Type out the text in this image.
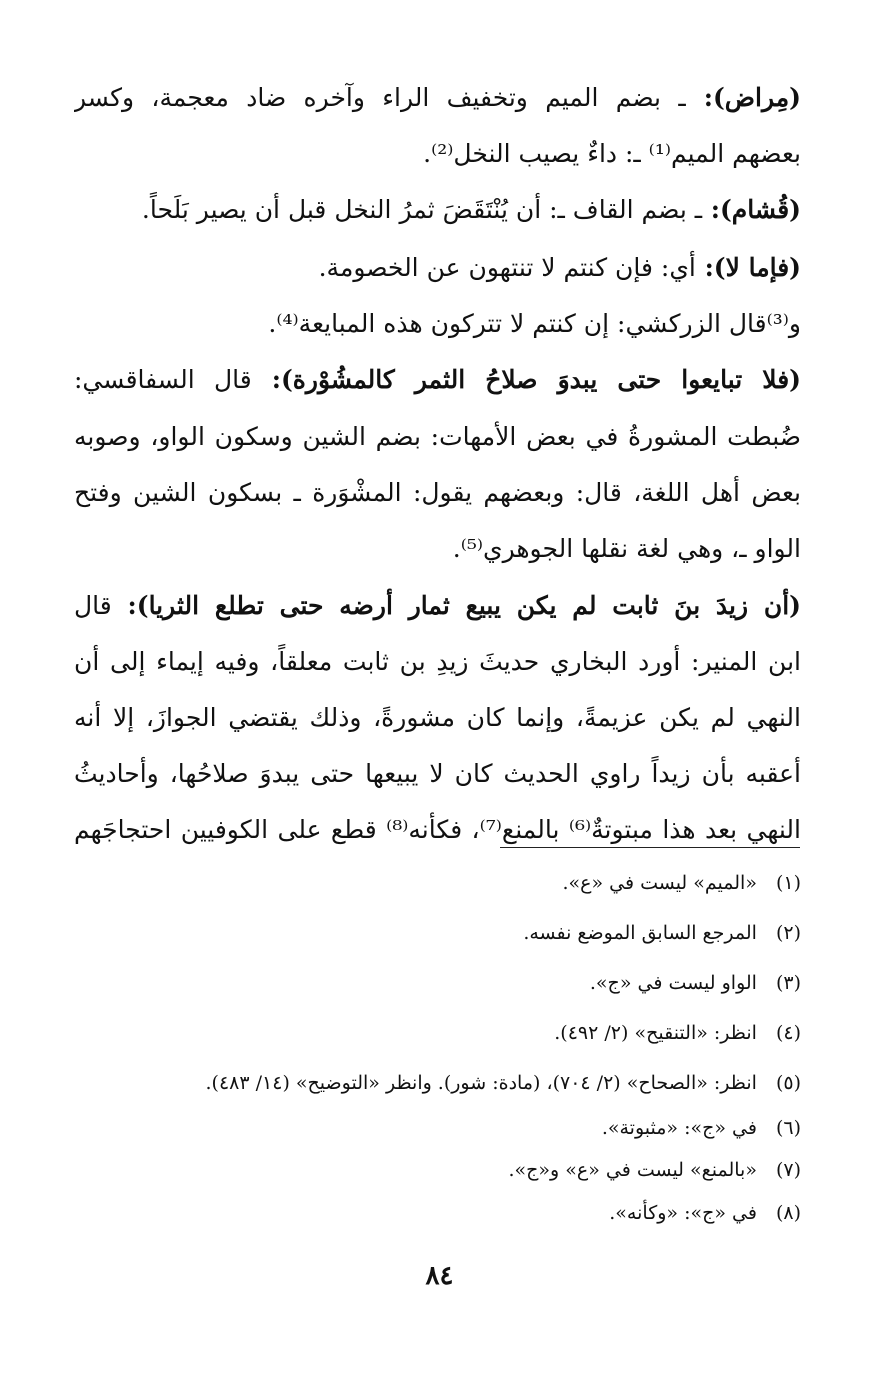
(مِراض): ـ بضم الميم وتخفيف الراء وآخره ضاد معجمة، وكسر
بعضهم الميم⁽¹⁾ ـ: داءٌ يصيب النخل⁽²⁾.
(قُشام): ـ بضم القاف ـ: أن يُنْتَقَضَ ثمرُ النخل قبل أن يصير بَلَحاً.
(فإما لا): أي: فإن كنتم لا تنتهون عن الخصومة.
و⁽³⁾قال الزركشي: إن كنتم لا تتركون هذه المبايعة⁽⁴⁾.
(فلا تبايعوا حتى يبدوَ صلاحُ الثمر كالمشُوْرة): قال السفاقسي:
ضُبطت المشورةُ في بعض الأمهات: بضم الشين وسكون الواو، وصوبه
بعض أهل اللغة، قال: وبعضهم يقول: المشْوَرة ـ بسكون الشين وفتح
الواو ـ، وهي لغة نقلها الجوهري⁽⁵⁾.
(أن زيدَ بنَ ثابت لم يكن يبيع ثمار أرضه حتى تطلع الثريا): قال
ابن المنير: أورد البخاري حديثَ زيدِ بن ثابت معلقاً، وفيه إيماء إلى أن
النهي لم يكن عزيمةً، وإنما كان مشورةً، وذلك يقتضي الجوازَ، إلا أنه
أعقبه بأن زيداً راوي الحديث كان لا يبيعها حتى يبدوَ صلاحُها، وأحاديثُ
النهي بعد هذا مبتوتةٌ⁽⁶⁾ بالمنع⁽⁷⁾، فكأنه⁽⁸⁾ قطع على الكوفيين احتجاجَهم
(١) «الميم» ليست في «ع».
(٢) المرجع السابق الموضع نفسه.
(٣) الواو ليست في «ج».
(٤) انظر: «التنقيح» (٢/ ٤٩٢).
(٥) انظر: «الصحاح» (٢/ ٧٠٤)، (مادة: شور). وانظر «التوضيح» (١٤/ ٤٨٣).
(٦) في «ج»: «مثبوتة».
(٧) «بالمنع» ليست في «ع» و«ج».
(٨) في «ج»: «وكأنه».
٨٤
